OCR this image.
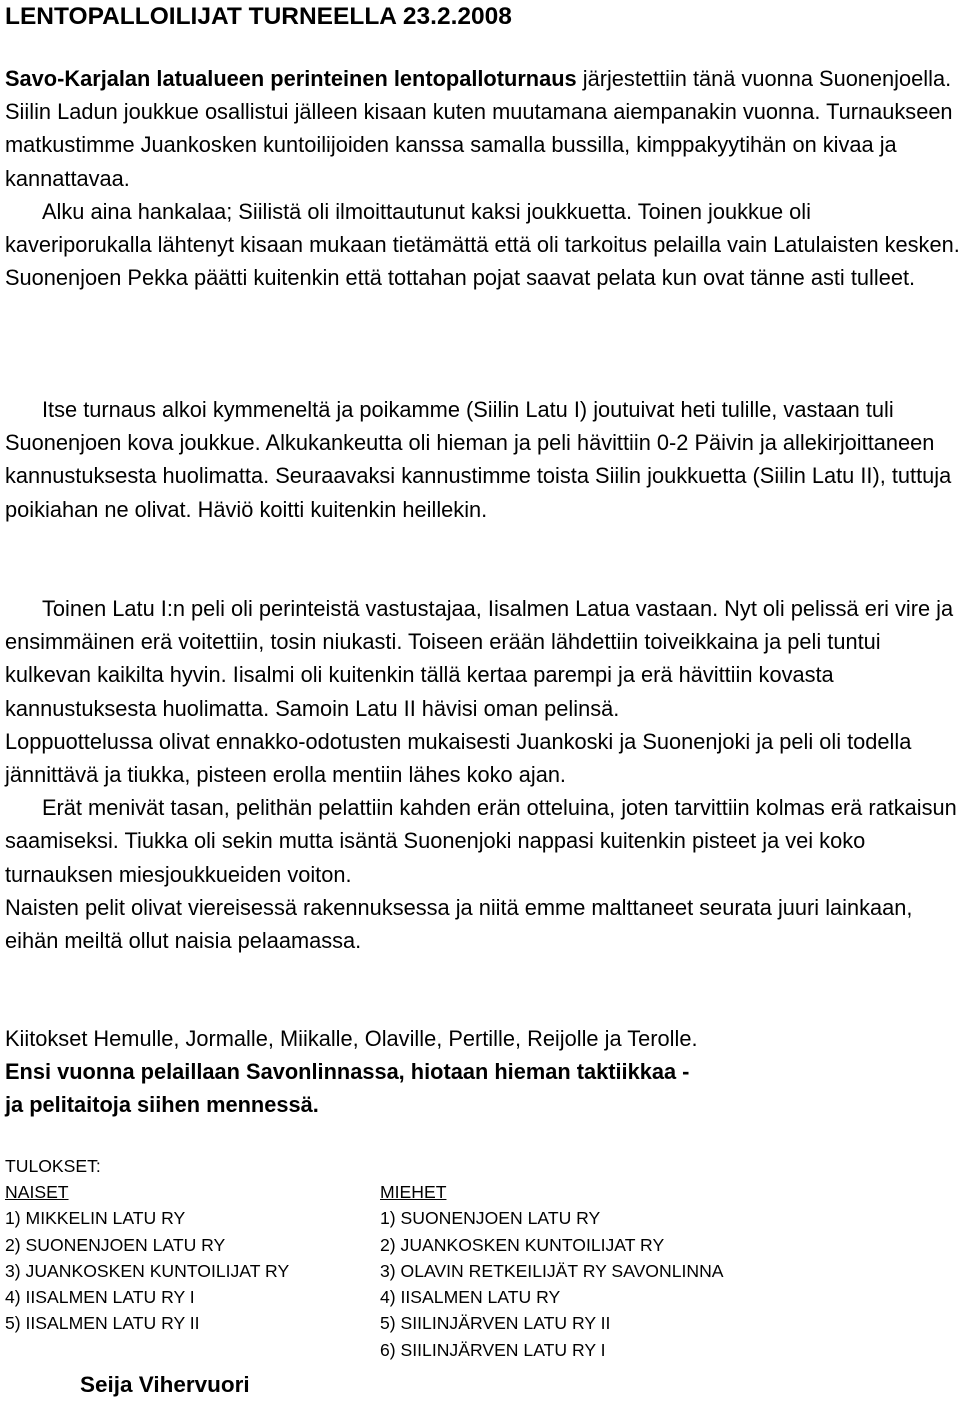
LENTOPALLOILIJAT TURNEELLA 23.2.2008

Savo-Karjalan latualueen perinteinen lentopalloturnaus järjestettiin tänä vuonna Suonenjoella. Siilin Ladun joukkue osallistui jälleen kisaan kuten muutamana aiempanakin vuonna. Turnaukseen matkustimme Juankosken kuntoilijoiden kanssa samalla bussilla, kimppakyytihän on kivaa ja kannattavaa.
Alku aina hankalaa; Siilistä oli ilmoittautunut kaksi joukkuetta. Toinen joukkue oli kaveriporukalla lähtenyt kisaan mukaan tietämättä että oli tarkoitus pelailla vain Latulaisten kesken. Suonenjoen Pekka päätti kuitenkin että tottahan pojat saavat pelata kun ovat tänne asti tulleet.

Itse turnaus alkoi kymmeneltä ja poikamme (Siilin Latu I) joutuivat heti tulille, vastaan tuli Suonenjoen kova joukkue. Alkukankeutta oli hieman ja peli hävittiin 0-2 Päivin ja allekirjoittaneen kannustuksesta huolimatta. Seuraavaksi kannustimme toista Siilin joukkuetta (Siilin Latu II), tuttuja poikiahan ne olivat. Häviö koitti kuitenkin heillekin.

Toinen Latu I:n peli oli perinteistä vastustajaa, Iisalmen Latua vastaan. Nyt oli pelissä eri vire ja ensimmäinen erä voitettiin, tosin niukasti. Toiseen erään lähdettiin toiveikkaina ja peli tuntui kulkevan kaikilta hyvin. Iisalmi oli kuitenkin tällä kertaa parempi ja erä hävittiin kovasta kannustuksesta huolimatta. Samoin Latu II hävisi oman pelinsä.
Loppuottelussa olivat ennakko-odotusten mukaisesti Juankoski ja Suonenjoki ja peli oli todella jännittävä ja tiukka, pisteen erolla mentiin lähes koko ajan.
Erät menivät tasan, pelithän pelattiin kahden erän otteluina, joten tarvittiin kolmas erä ratkaisun saamiseksi. Tiukka oli sekin mutta isäntä Suonenjoki nappasi kuitenkin pisteet ja vei koko turnauksen miesjoukkueiden voiton.
Naisten pelit olivat viereisessä rakennuksessa ja niitä emme malttaneet seurata juuri lainkaan, eihän meiltä ollut naisia pelaamassa.

Kiitokset Hemulle, Jormalle, Miikalle, Olaville, Pertille, Reijolle ja Terolle.
Ensi vuonna pelaillaan Savonlinnassa, hiotaan hieman taktiikkaa -
ja pelitaitoja siihen mennessä.

TULOKSET:
NAISET
1) MIKKELIN LATU RY
2) SUONENJOEN LATU RY
3) JUANKOSKEN KUNTOILIJAT RY
4) IISALMEN LATU RY I
5) IISALMEN LATU RY II
MIEHET
1) SUONENJOEN LATU RY
2) JUANKOSKEN KUNTOILIJAT RY
3) OLAVIN RETKEILIJÄT RY SAVONLINNA
4) IISALMEN LATU RY
5) SIILINJÄRVEN LATU RY II
6) SIILINJÄRVEN LATU RY I

Seija Vihervuori
